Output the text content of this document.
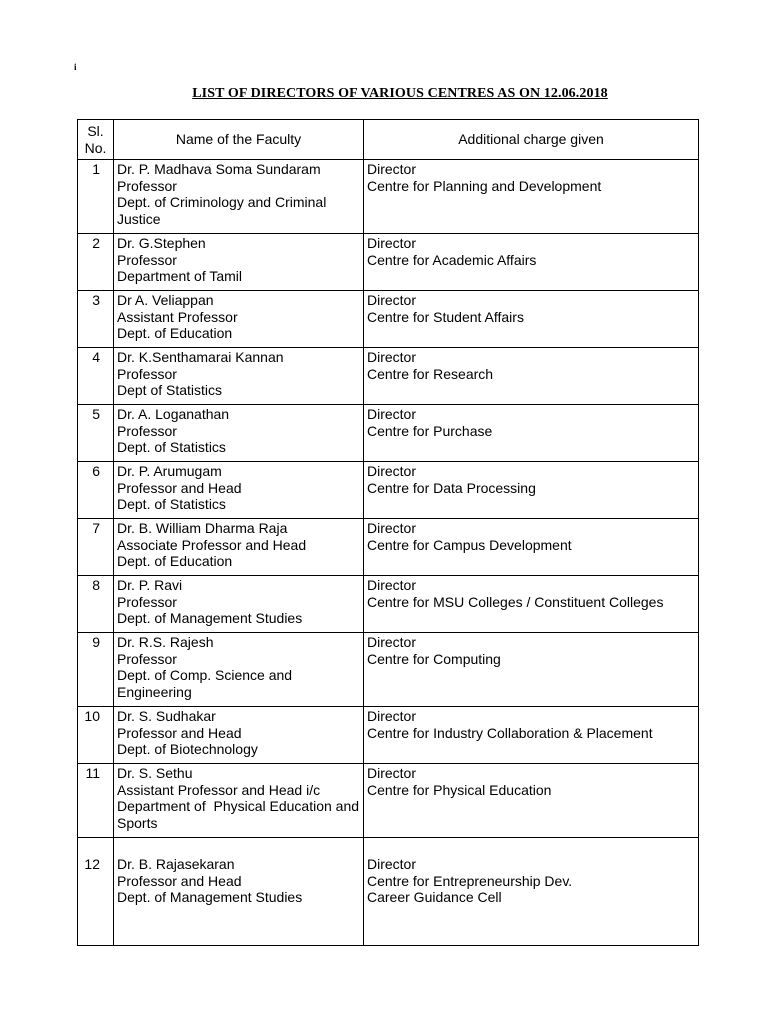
i
LIST OF DIRECTORS OF VARIOUS CENTRES AS ON 12.06.2018
Sl.
No.	Name of the Faculty	Additional charge given
1	Dr. P. Madhava Soma Sundaram
Professor
Dept. of Criminology and Criminal Justice	Director
Centre for Planning and Development

2	Dr. G.Stephen
Professor
Department of Tamil	Director
Centre for Academic Affairs

3	Dr A. Veliappan
Assistant Professor
Dept. of Education	Director
Centre for Student Affairs

4	Dr. K.Senthamarai Kannan
Professor
Dept of Statistics	Director
Centre for Research

5	Dr. A. Loganathan
Professor
Dept. of Statistics	Director
Centre for Purchase

6	Dr. P. Arumugam
Professor and Head
Dept. of Statistics	Director
Centre for Data Processing

7	Dr. B. William Dharma Raja
Associate Professor and Head
Dept. of Education	Director
Centre for Campus Development

8	Dr. P. Ravi
Professor
Dept. of Management Studies	Director
Centre for MSU Colleges / Constituent Colleges

9	Dr. R.S. Rajesh
Professor
Dept. of Comp. Science and Engineering	Director
Centre for Computing

10	Dr. S. Sudhakar
Professor and Head
Dept. of Biotechnology	Director
Centre for Industry Collaboration & Placement

11	Dr. S. Sethu
Assistant Professor and Head i/c
Department of  Physical Education and    Sports	Director
Centre for Physical Education

12	Dr. B. Rajasekaran
Professor and Head
Dept. of Management Studies	Director
Centre for Entrepreneurship Dev.
Career Guidance Cell
